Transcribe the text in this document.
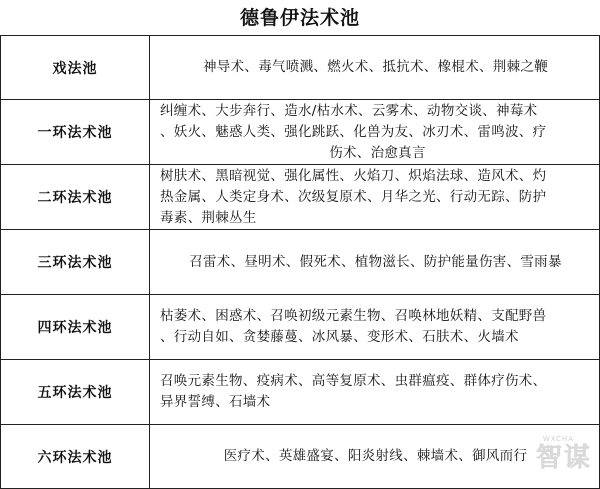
德鲁伊法术池
戏法池	神导术、毒气喷溅、燃火术、抵抗术、橡棍术、荆棘之鞭
一环法术池	纠缠术、大步奔行、造水/枯水术、云雾术、动物交谈、神莓术
、妖火、魅惑人类、强化跳跃、化兽为友、冰刃术、雷鸣波、疗
伤术、治愈真言

二环法术池	树肤术、黑暗视觉、强化属性、火焰刀、炽焰法球、造风术、灼
热金属、人类定身术、次级复原术、月华之光、行动无踪、防护
毒素、荆棘丛生

三环法术池	召雷术、昼明术、假死术、植物滋长、防护能量伤害、雪雨暴
四环法术池	枯萎术、困惑术、召唤初级元素生物、召唤林地妖精、支配野兽
、行动自如、贪婪藤蔓、冰风暴、变形术、石肤术、火墙术

五环法术池	召唤元素生物、疫病术、高等复原术、虫群瘟疫、群体疗伤术、
异界誓缚、石墙术

六环法术池	医疗术、英雄盛宴、阳炎射线、棘墙术、御风而行 智谋
WXCHA
